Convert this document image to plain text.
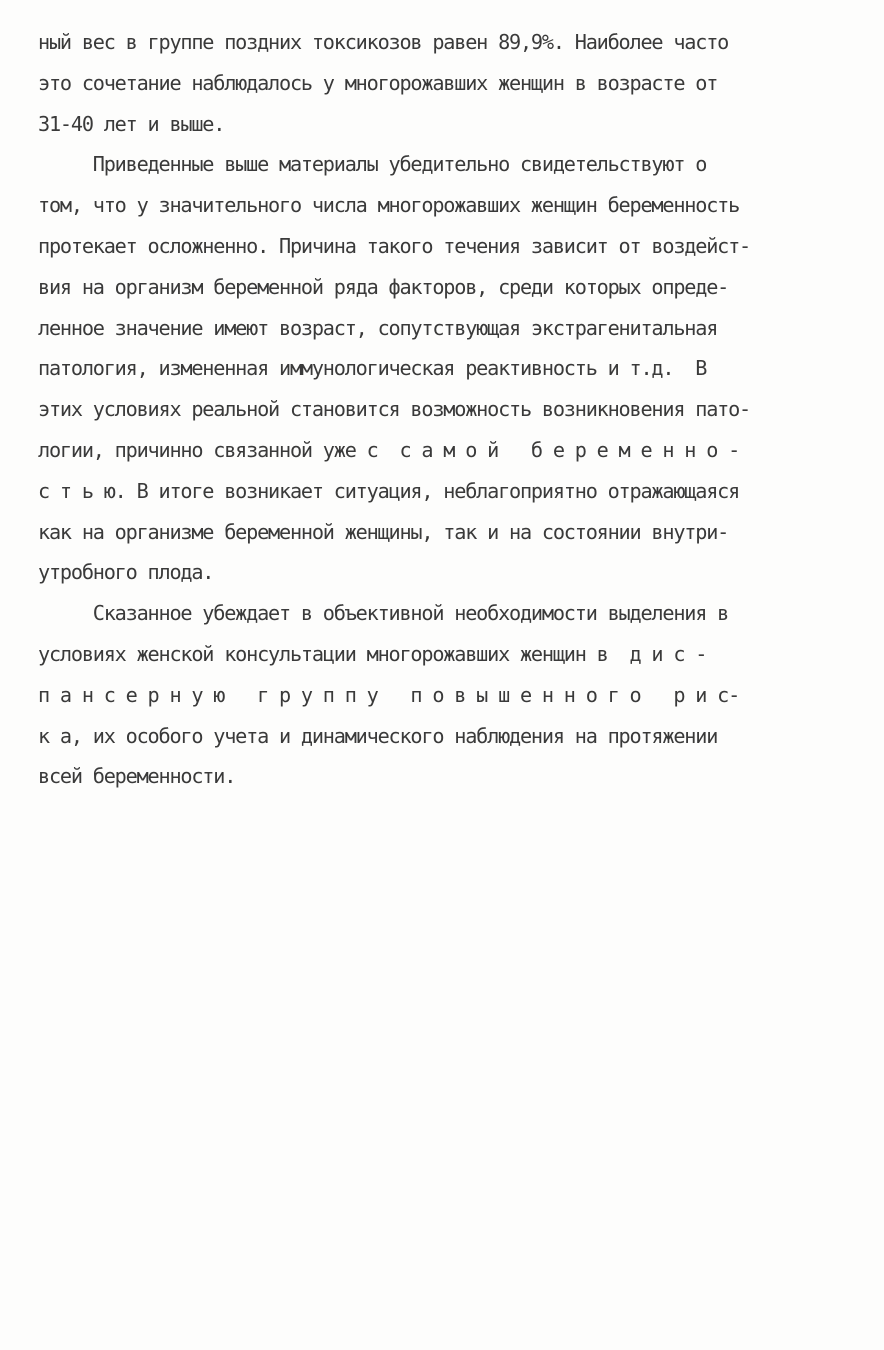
ный вес в группе поздних токсикозов равен 89,9%. Наиболее часто
это сочетание наблюдалось у многорожавших женщин в возрасте от
31-40 лет и выше.
Приведенные выше материалы убедительно свидетельствуют о
том, что у значительного числа многорожавших женщин беременность
протекает осложненно. Причина такого течения зависит от воздейст-
вия на организм беременной ряда факторов, среди которых опреде-
ленное значение имеют возраст, сопутствующая экстрагенитальная
патология, измененная иммунологическая реактивность и т.д.  В
этих условиях реальной становится возможность возникновения пато-
логии, причинно связанной уже с  с а м о й   б е р е м е н н о -
с т ь ю. В итоге возникает ситуация, неблагоприятно отражающаяся
как на организме беременной женщины, так и на состоянии внутри-
утробного плода.
Сказанное убеждает в объективной необходимости выделения в
условиях женской консультации многорожавших женщин в  д и с -
п а н с е р н у ю   г р у п п у   п о в ы ш е н н о г о   р и с-
к а, их особого учета и динамического наблюдения на протяжении
всей беременности.
